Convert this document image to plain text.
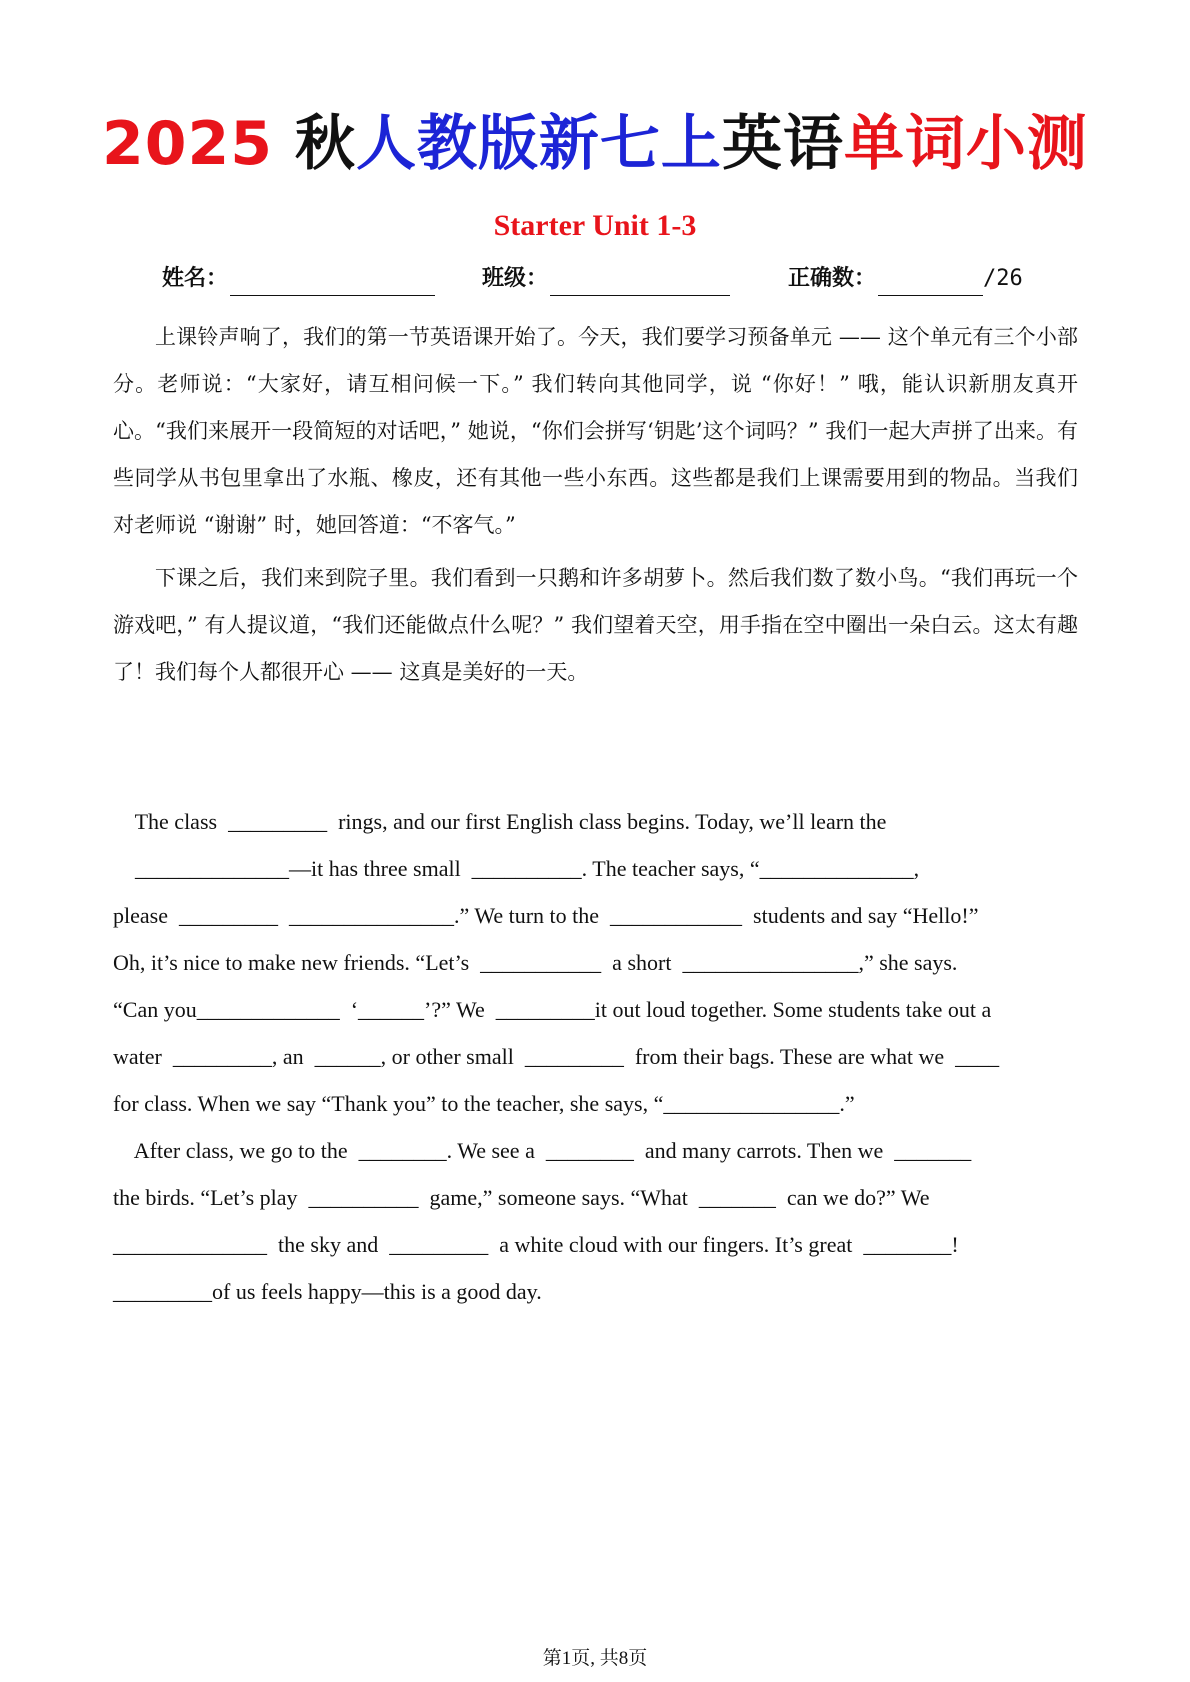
2025 秋人教版新七上英语单词小测
Starter Unit 1-3
姓名：	班级：	正确数：	/26

上课铃声响了，我们的第一节英语课开始了。今天，我们要学习预备单元 —— 这个单元有三个小部分。老师说：“大家好，请互相问候一下。” 我们转向其他同学，说 “你好！” 哦，能认识新朋友真开心。“我们来展开一段简短的对话吧，” 她说，“你们会拼写‘钥匙’这个词吗？” 我们一起大声拼了出来。有些同学从书包里拿出了水瓶、橡皮，还有其他一些小东西。这些都是我们上课需要用到的物品。当我们对老师说 “谢谢” 时，她回答道：“不客气。”

下课之后，我们来到院子里。我们看到一只鹅和许多胡萝卜。然后我们数了数小鸟。“我们再玩一个游戏吧，” 有人提议道，“我们还能做点什么呢？” 我们望着天空，用手指在空中圈出一朵白云。这太有趣了！我们每个人都很开心 —— 这真是美好的一天。

The class  _________  rings, and our first English class begins. Today, we’ll learn the
______________—it has three small  __________. The teacher says, “______________,
please  _________  _______________.” We turn to the  ____________  students and say “Hello!”
Oh, it’s nice to make new friends. “Let’s  ___________  a short  ________________,” she says.
“Can you_____________  ‘______’?” We  _________it out loud together. Some students take out a
water  _________, an  ______, or other small  _________  from their bags. These are what we  ____
for class. When we say “Thank you” to the teacher, she says, “________________.”
After class, we go to the  ________. We see a  ________  and many carrots. Then we  _______
the birds. “Let’s play  __________  game,” someone says. “What  _______  can we do?” We
______________  the sky and  _________  a white cloud with our fingers. It’s great  ________!
_________of us feels happy—this is a good day.
第1页, 共8页
